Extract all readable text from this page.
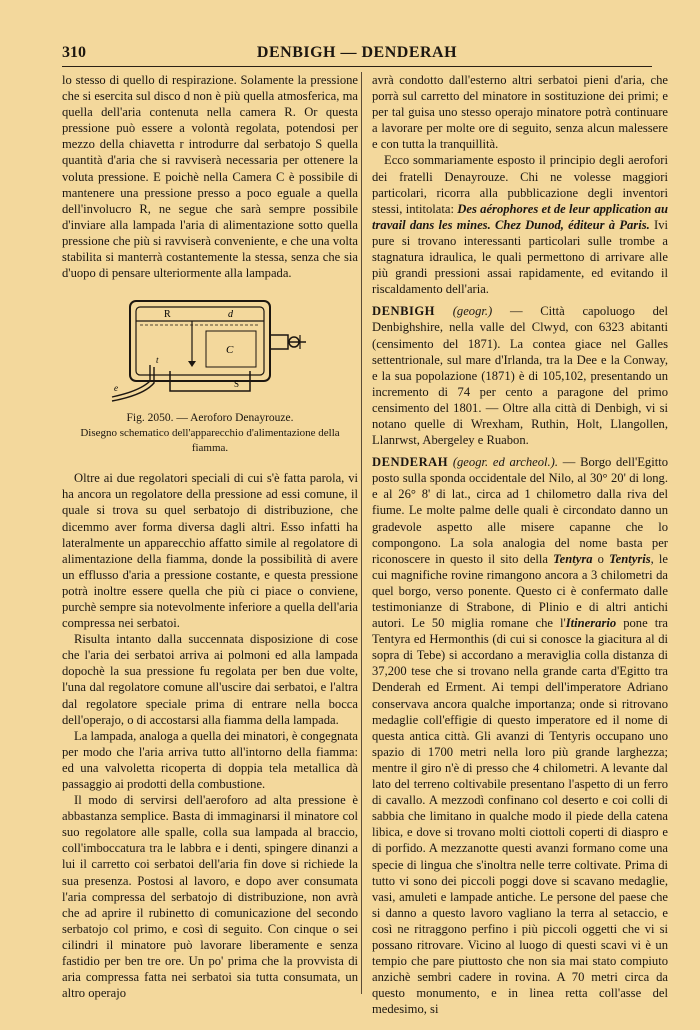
310	DENBIGH — DENDERAH

lo stesso di quello di respirazione. Solamente la pressione che si esercita sul disco d non è più quella atmosferica, ma quella dell'aria contenuta nella camera R. Or questa pressione può essere a volontà regolata, potendosi per mezzo della chiavetta r introdurre dal serbatojo S quella quantità d'aria che si ravviserà necessaria per ottenere la voluta pressione. E poichè nella Camera C è possibile di mantenere una pressione presso a poco eguale a quella dell'involucro R, ne segue che sarà sempre possibile d'inviare alla lampada l'aria di alimentazione sotto quella pressione che più si ravviserà conveniente, e che una volta stabilita si manterrà costantemente la stessa, senza che sia d'uopo di pensare ulteriormente alla lampada.

R	d
C
t
S
e
Fig. 2050. — Aeroforo Denayrouze.
Disegno schematico dell'apparecchio d'alimentazione della fiamma.

Oltre ai due regolatori speciali di cui s'è fatta parola, vi ha ancora un regolatore della pressione ad essi comune, il quale si trova su quel serbatojo di distribuzione, che dicemmo aver forma diversa dagli altri. Esso infatti ha lateralmente un apparecchio affatto simile al regolatore di alimentazione della fiamma, donde la possibilità di avere un efflusso d'aria a pressione costante, e questa pressione potrà inoltre essere quella che più ci piace o conviene, purchè sempre sia notevolmente inferiore a quella dell'aria compressa nei serbatoi.

Risulta intanto dalla succennata disposizione di cose che l'aria dei serbatoi arriva ai polmoni ed alla lampada dopochè la sua pressione fu regolata per ben due volte, l'una dal regolatore comune all'uscire dai serbatoi, e l'altra dal regolatore speciale prima di entrare nella bocca dell'operajo, o di accostarsi alla fiamma della lampada.

La lampada, analoga a quella dei minatori, è congegnata per modo che l'aria arriva tutto all'intorno della fiamma: ed una valvoletta ricoperta di doppia tela metallica dà passaggio ai prodotti della combustione.

Il modo di servirsi dell'aeroforo ad alta pressione è abbastanza semplice. Basta di immaginarsi il minatore col suo regolatore alle spalle, colla sua lampada al braccio, coll'imboccatura tra le labbra e i denti, spingere dinanzi a lui il carretto coi serbatoi dell'aria fin dove si richiede la sua presenza. Postosi al lavoro, e dopo aver consumata l'aria compressa del serbatojo di distribuzione, non avrà che ad aprire il rubinetto di comunicazione del secondo serbatojo col primo, e così di seguito. Con cinque o sei cilindri il minatore può lavorare liberamente e senza fastidio per ben tre ore. Un po' prima che la provvista di aria compressa fatta nei serbatoi sia tutta consumata, un altro operajo

avrà condotto dall'esterno altri serbatoi pieni d'aria, che porrà sul carretto del minatore in sostituzione dei primi; e per tal guisa uno stesso operajo minatore potrà continuare a lavorare per molte ore di seguito, senza alcun malessere e con tutta la tranquillità.

Ecco sommariamente esposto il principio degli aerofori dei fratelli Denayrouze. Chi ne volesse maggiori particolari, ricorra alla pubblicazione degli inventori stessi, intitolata: Des aérophores et de leur application au travail dans les mines. Chez Dunod, éditeur à Paris. Ivi pure si trovano interessanti particolari sulle trombe a stagnatura idraulica, le quali permettono di arrivare alle più grandi pressioni assai rapidamente, ed evitando il riscaldamento dell'aria.

DENBIGH (geogr.) — Città capoluogo del Denbighshire, nella valle del Clwyd, con 6323 abitanti (censimento del 1871). La contea giace nel Galles settentrionale, sul mare d'Irlanda, tra la Dee e la Conway, e la sua popolazione (1871) è di 105,102, presentando un incremento di 74 per cento a paragone del primo censimento del 1801. — Oltre alla città di Denbigh, vi si notano quelle di Wrexham, Ruthin, Holt, Llangollen, Llanrwst, Abergeley e Ruabon.

DENDERAH (geogr. ed archeol.). — Borgo dell'Egitto posto sulla sponda occidentale del Nilo, al 30° 20' di long. e al 26° 8' di lat., circa ad 1 chilometro dalla riva del fiume. Le molte palme delle quali è circondato danno un gradevole aspetto alle misere capanne che lo compongono. La sola analogia del nome basta per riconoscere in questo il sito della Tentyra o Tentyris, le cui magnifiche rovine rimangono ancora a 3 chilometri da quel borgo, verso ponente. Questo ci è confermato dalle testimonianze di Strabone, di Plinio e di altri antichi autori. Le 50 miglia romane che l'Itinerario pone tra Tentyra ed Hermonthis (di cui si conosce la giacitura al di sopra di Tebe) si accordano a meraviglia colla distanza di 37,200 tese che si trovano nella grande carta d'Egitto tra Denderah ed Erment. Ai tempi dell'imperatore Adriano conservava ancora qualche importanza; onde si ritrovano medaglie coll'effigie di questo imperatore ed il nome di questa antica città. Gli avanzi di Tentyris occupano uno spazio di 1700 metri nella loro più grande larghezza; mentre il giro n'è di presso che 4 chilometri. A levante dal lato del terreno coltivabile presentano l'aspetto di un ferro di cavallo. A mezzodì confinano col deserto e coi colli di sabbia che limitano in qualche modo il piede della catena libica, e dove si trovano molti ciottoli coperti di diaspro e di porfido. A mezzanotte questi avanzi formano come una specie di lingua che s'inoltra nelle terre coltivate. Prima di tutto vi sono dei piccoli poggi dove si scavano medaglie, vasi, amuleti e lampade antiche. Le persone del paese che si danno a questo lavoro vagliano la terra al setaccio, e così ne ritraggono perfino i più piccoli oggetti che vi si possano ritrovare. Vicino al luogo di questi scavi vi è un tempio che pare piuttosto che non sia mai stato compiuto anzichè sembri cadere in rovina. A 70 metri circa da questo monumento, e in linea retta coll'asse del medesimo, si
